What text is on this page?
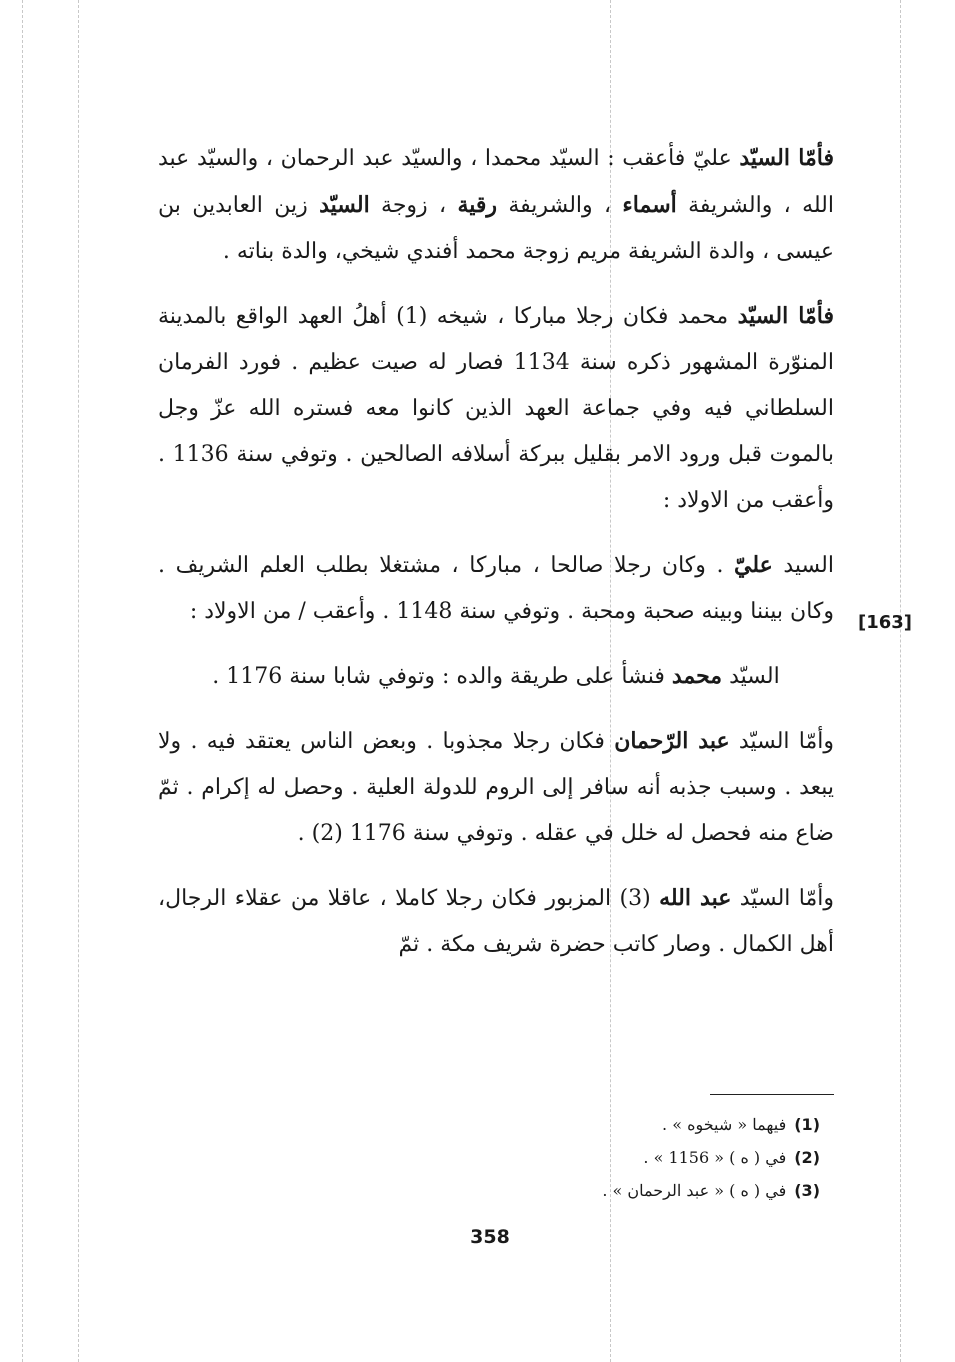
فأمّا السيّد عليّ فأعقب : السيّد محمدا ، والسيّد عبد الرحمان ، والسيّد عبد الله ، والشريفة أسماء ، والشريفة رقية ، زوجة السيّد زين العابدين بن عيسى ، والدة الشريفة مريم زوجة محمد أفندي شيخي، والدة بناته .

فأمّا السيّد محمد فكان رجلا مباركا ، شيخه (1) أهلُ العهد الواقع بالمدينة المنوّرة المشهور ذكره سنة 1134 فصار له صيت عظيم . فورد الفرمان السلطاني فيه وفي جماعة العهد الذين كانوا معه فستره الله عزّ وجل بالموت قبل ورود الامر بقليل ببركة أسلافه الصالحين . وتوفي سنة 1136 . وأعقب من الاولاد :

السيد عليّ . وكان رجلا صالحا ، مباركا ، مشتغلا بطلب العلم الشريف . وكان بيننا وبينه صحبة ومحبة . وتوفي سنة 1148 . وأعقب / من الاولاد :

السيّد محمد فنشأ على طريقة والده : وتوفي شابا سنة 1176 .

وأمّا السيّد عبد الرّحمان فكان رجلا مجذوبا . وبعض الناس يعتقد فيه . ولا يبعد . وسبب جذبه أنه سافر إلى الروم للدولة العلية . وحصل له إكرام . ثمّ ضاع منه فحصل له خلل في عقله . وتوفي سنة 1176 (2) .

وأمّا السيّد عبد الله (3) المزبور فكان رجلا كاملا ، عاقلا من عقلاء الرجال، أهل الكمال . وصار كاتب حضرة شريف مكة . ثمّ

[163]
(1)فيهما « شيخوه » .
(2)في ( ه ) « 1156 » .
(3)في ( ه ) « عبد الرحمان » .
358
